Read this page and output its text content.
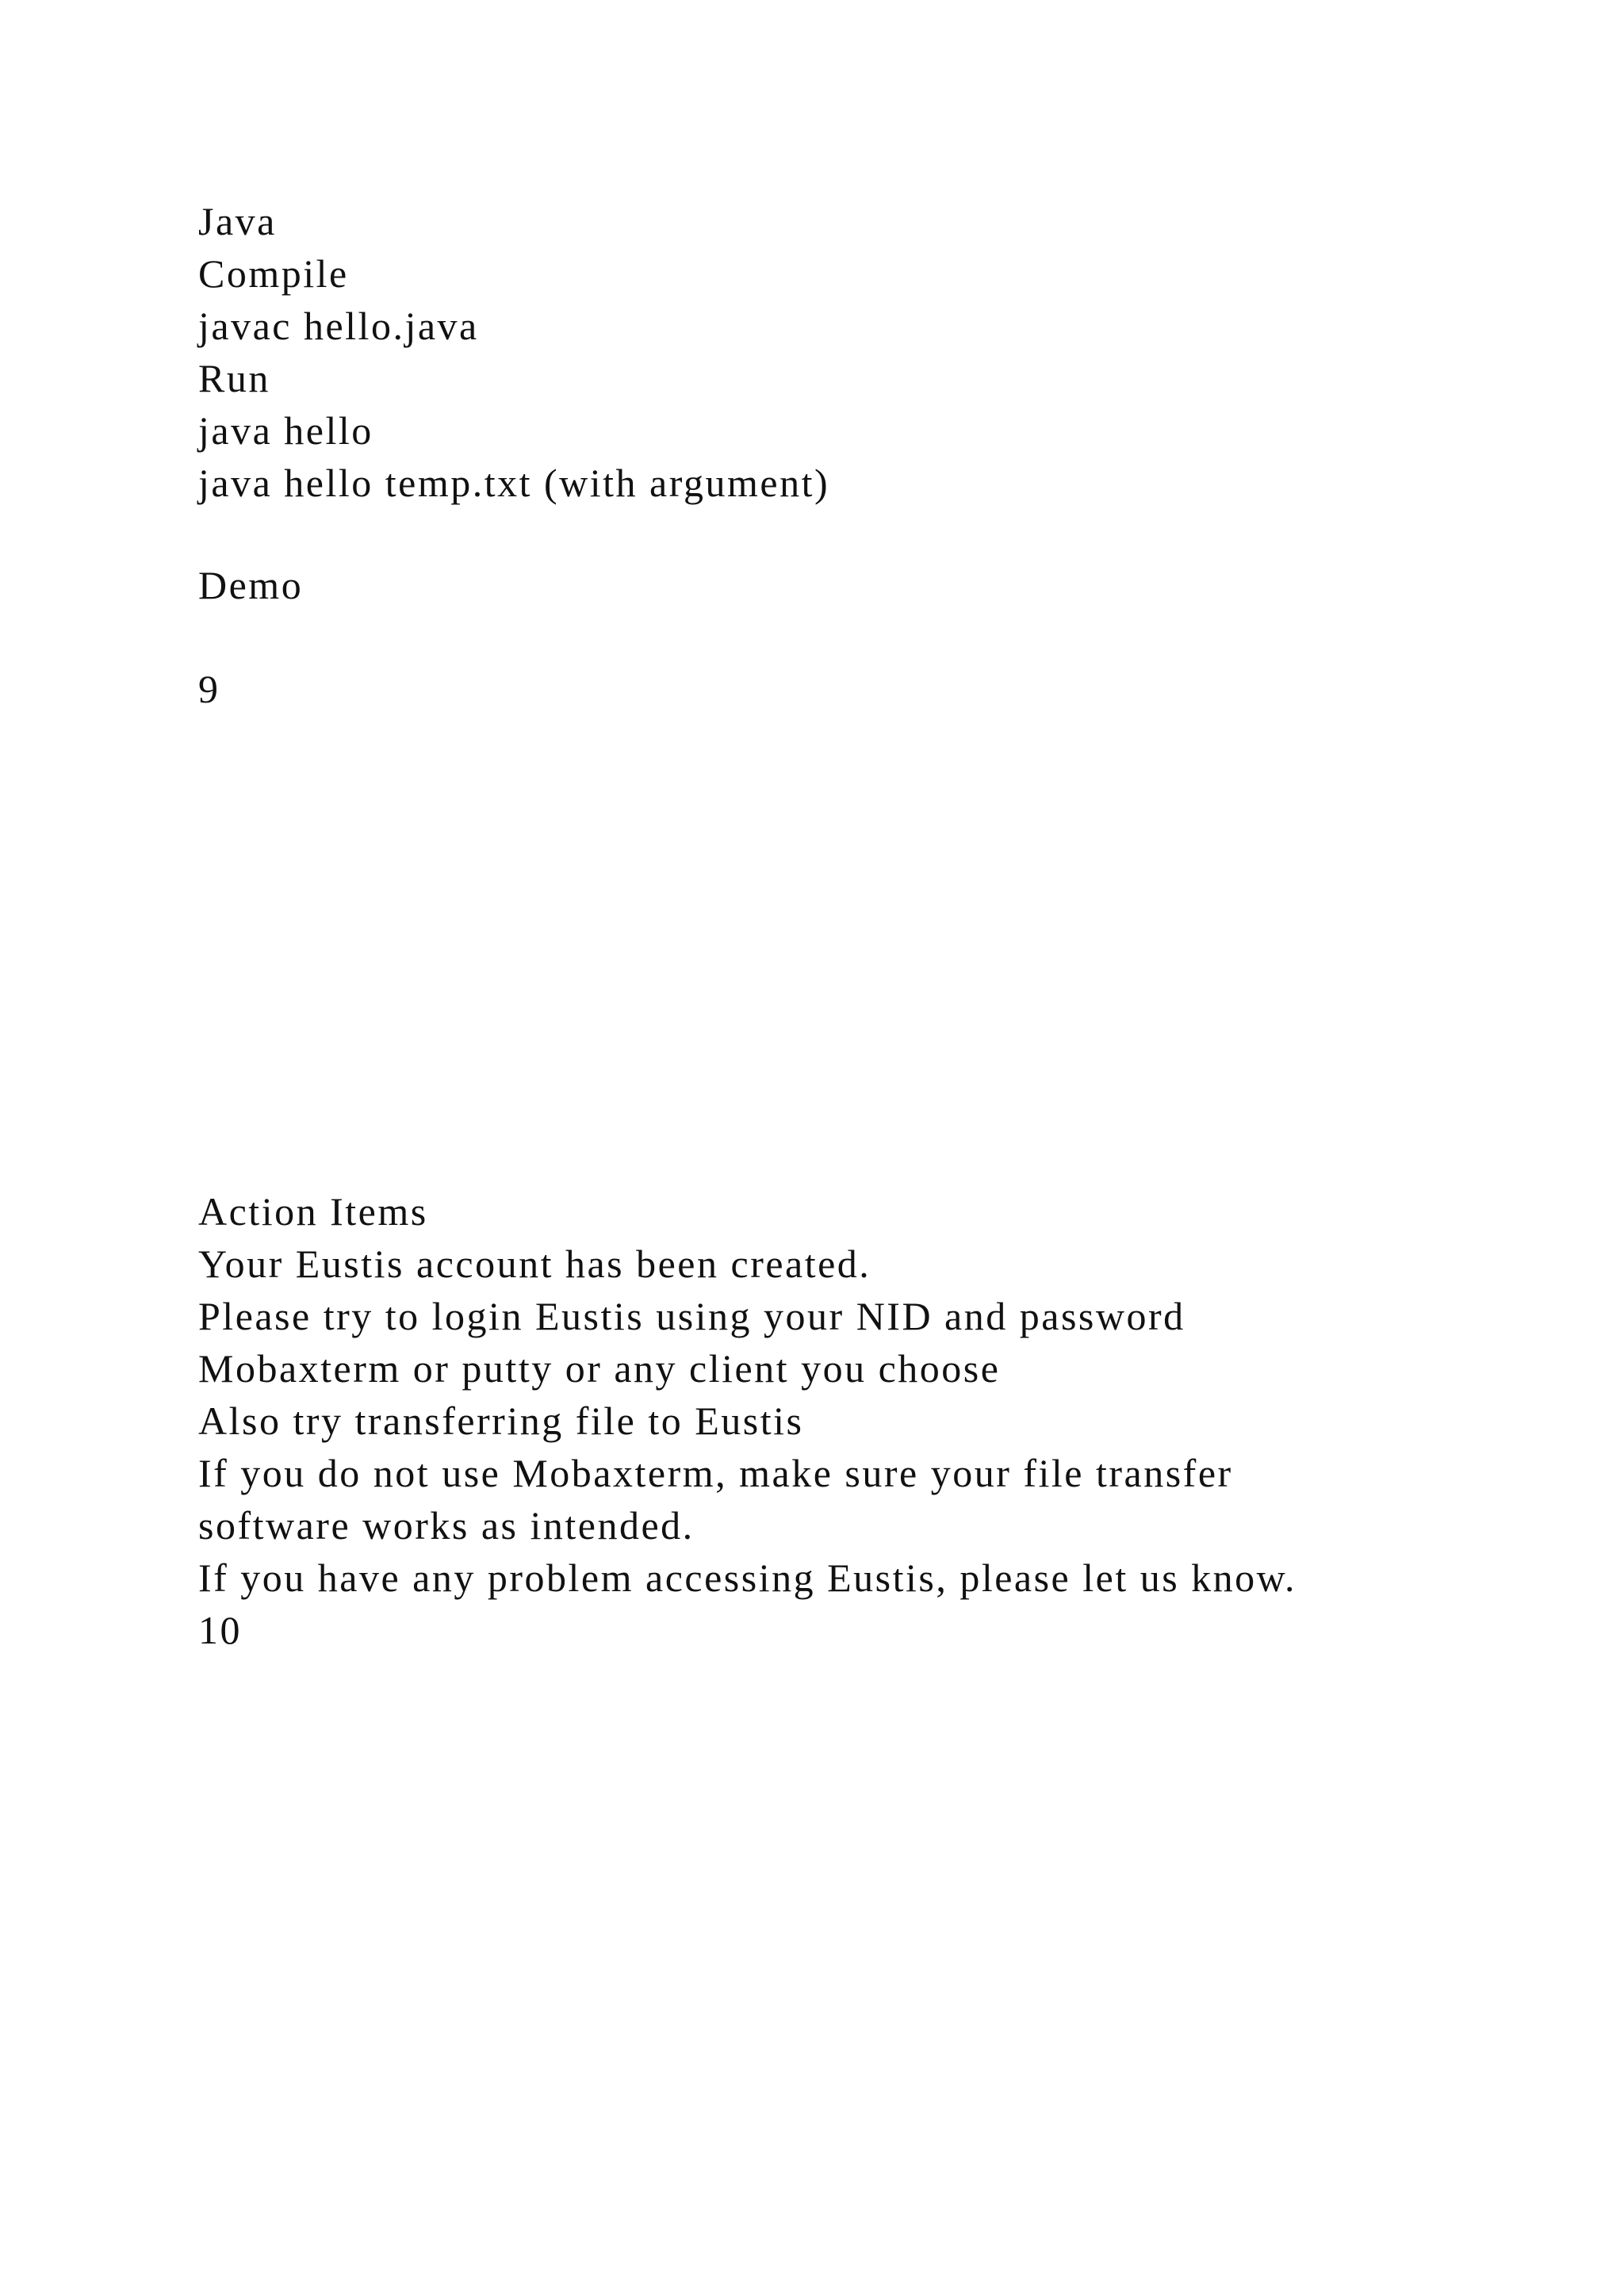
Java
Compile
javac hello.java
Run
java hello
java hello temp.txt (with argument)
Demo
9
Action Items
Your Eustis account has been created.
Please try to login Eustis using your NID and password
Mobaxterm or putty or any client you choose
Also try transferring file to Eustis
If you do not use Mobaxterm, make sure your file transfer
software works as intended.
If you have any problem accessing Eustis, please let us know.
10
